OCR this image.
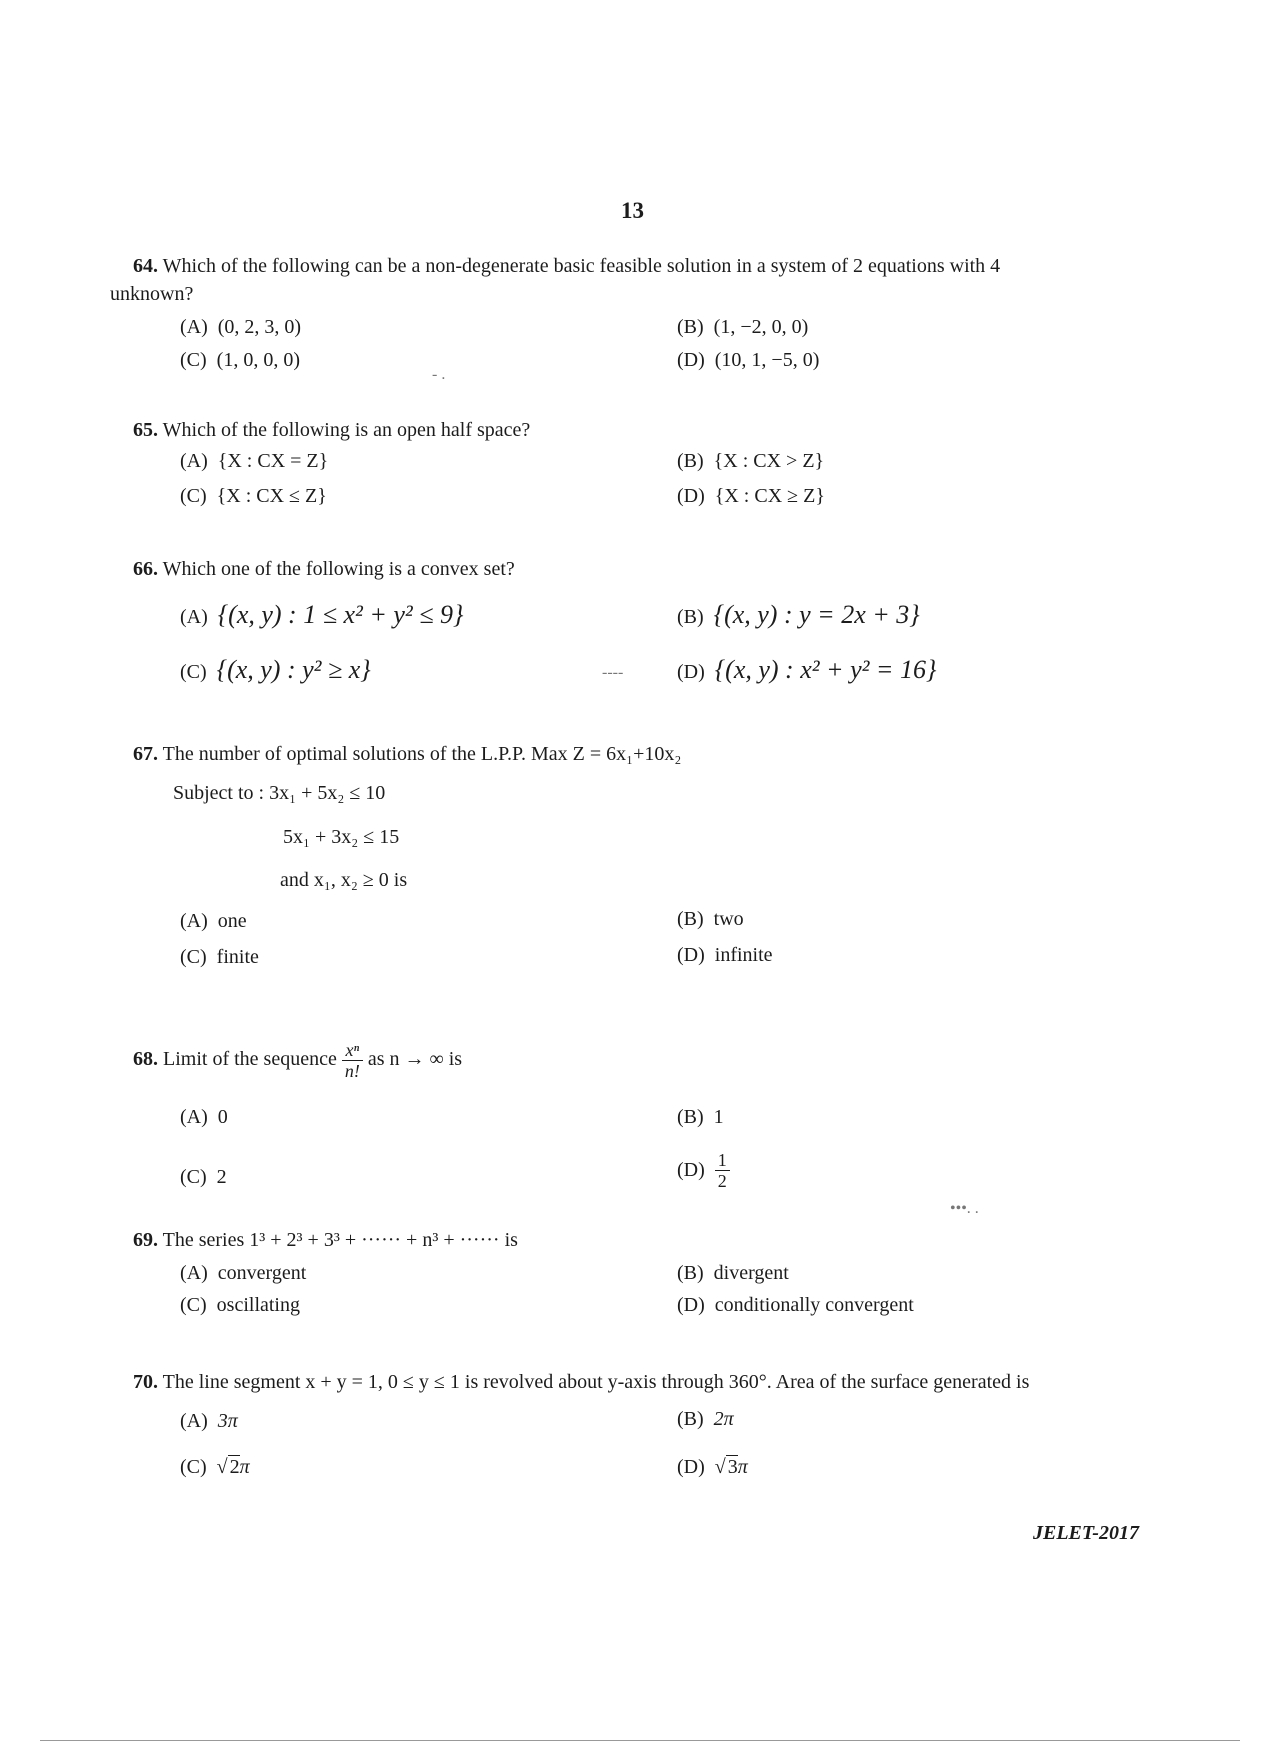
13
64. Which of the following can be a non-degenerate basic feasible solution in a system of 2 equations with 4
unknown?
(A) (0, 2, 3, 0)	(B) (1, −2, 0, 0)
(C) (1, 0, 0, 0)	(D) (10, 1, −5, 0)
65. Which of the following is an open half space?
(A) {X : CX = Z}	(B) {X : CX > Z}
(C) {X : CX ≤ Z}	(D) {X : CX ≥ Z}
66. Which one of the following is a convex set?
(A) {(x, y) : 1 ≤ x² + y² ≤ 9}	(B) {(x, y) : y = 2x + 3}
(C) {(x, y) : y² ≥ x}	(D) {(x, y) : x² + y² = 16}
67. The number of optimal solutions of the L.P.P. Max Z = 6x₁+10x₂
Subject to : 3x₁ + 5x₂ ≤ 10
5x₁ + 3x₂ ≤ 15
and x₁, x₂ ≥ 0 is
(A) one	(B) two
(C) finite	(D) infinite
68. Limit of the sequence $\frac{\text{xⁿ}}{n!}$ as n → ∞ is
(A) 0	(B) 1
(C) 2	$(D) \frac{1}{2}$
69. The series 1³ + 2³ + 3³ + ······ + n³ + ······ is
(A) convergent	(B) divergent
(C) oscillating	(D) conditionally convergent
70. The line segment x + y = 1, 0 ≤ y ≤ 1 is revolved about y-axis through 360°. Area of the surface generated is
(A) 3π	(B) 2π
(C) √ 2π	(D) √ 3π
JELET-2017
- .
----
•••. .
